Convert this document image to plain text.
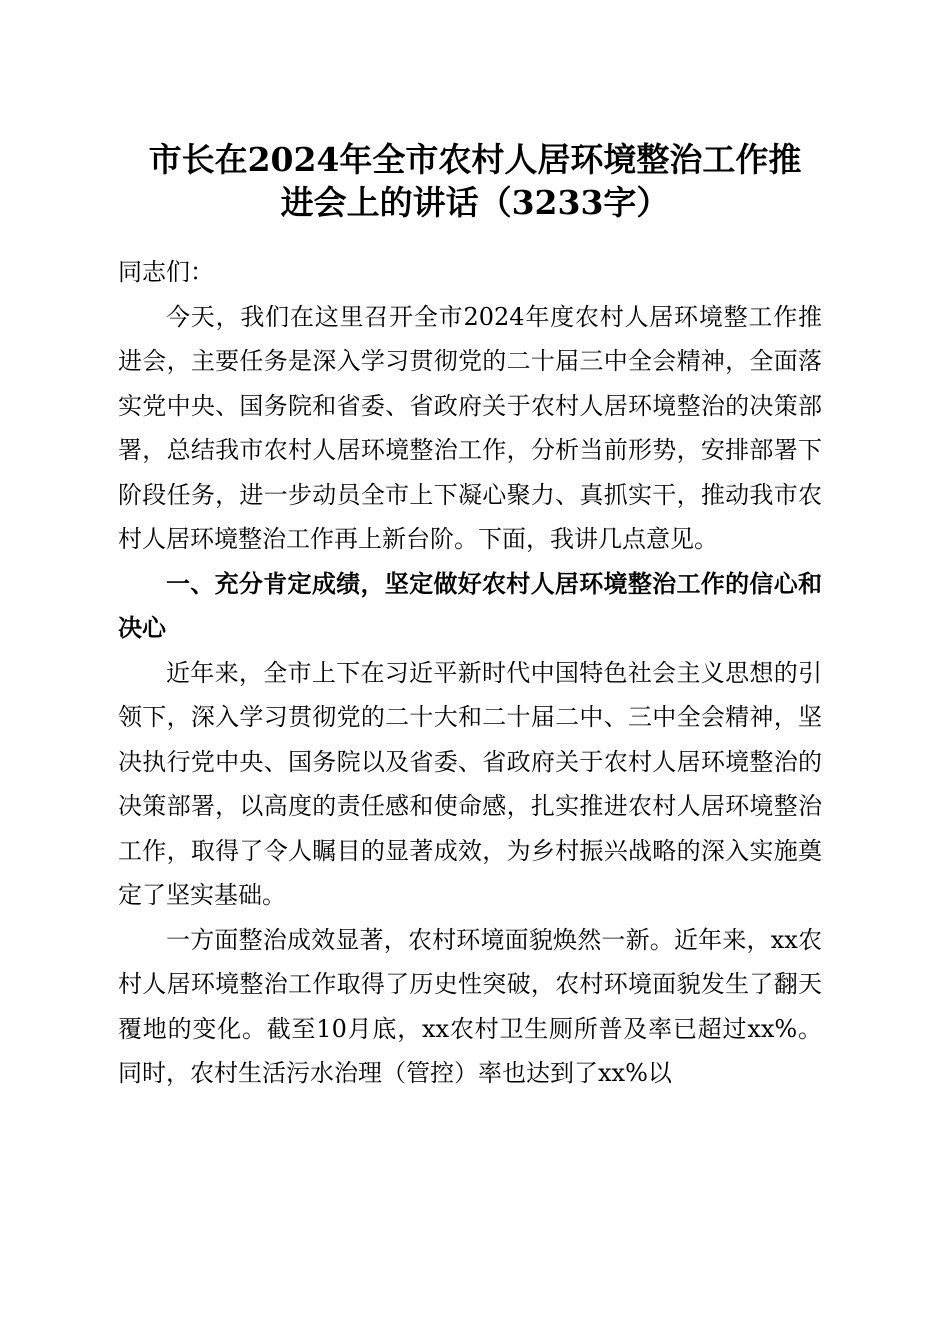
市长在2024年全市农村人居环境整治工作推
进会上的讲话（3233字）

同志们：

今天，我们在这里召开全市2024年度农村人居环境整工作推进会，主要任务是深入学习贯彻党的二十届三中全会精神，全面落实党中央、国务院和省委、省政府关于农村人居环境整治的决策部署，总结我市农村人居环境整治工作，分析当前形势，安排部署下阶段任务，进一步动员全市上下凝心聚力、真抓实干，推动我市农村人居环境整治工作再上新台阶。下面，我讲几点意见。

一、充分肯定成绩，坚定做好农村人居环境整治工作的信心和决心

近年来，全市上下在习近平新时代中国特色社会主义思想的引领下，深入学习贯彻党的二十大和二十届二中、三中全会精神，坚决执行党中央、国务院以及省委、省政府关于农村人居环境整治的决策部署，以高度的责任感和使命感，扎实推进农村人居环境整治工作，取得了令人瞩目的显著成效，为乡村振兴战略的深入实施奠定了坚实基础。

一方面整治成效显著，农村环境面貌焕然一新。近年来，xx农村人居环境整治工作取得了历史性突破，农村环境面貌发生了翻天覆地的变化。截至10月底，xx农村卫生厕所普及率已超过xx%。同时，农村生活污水治理（管控）率也达到了xx%以
